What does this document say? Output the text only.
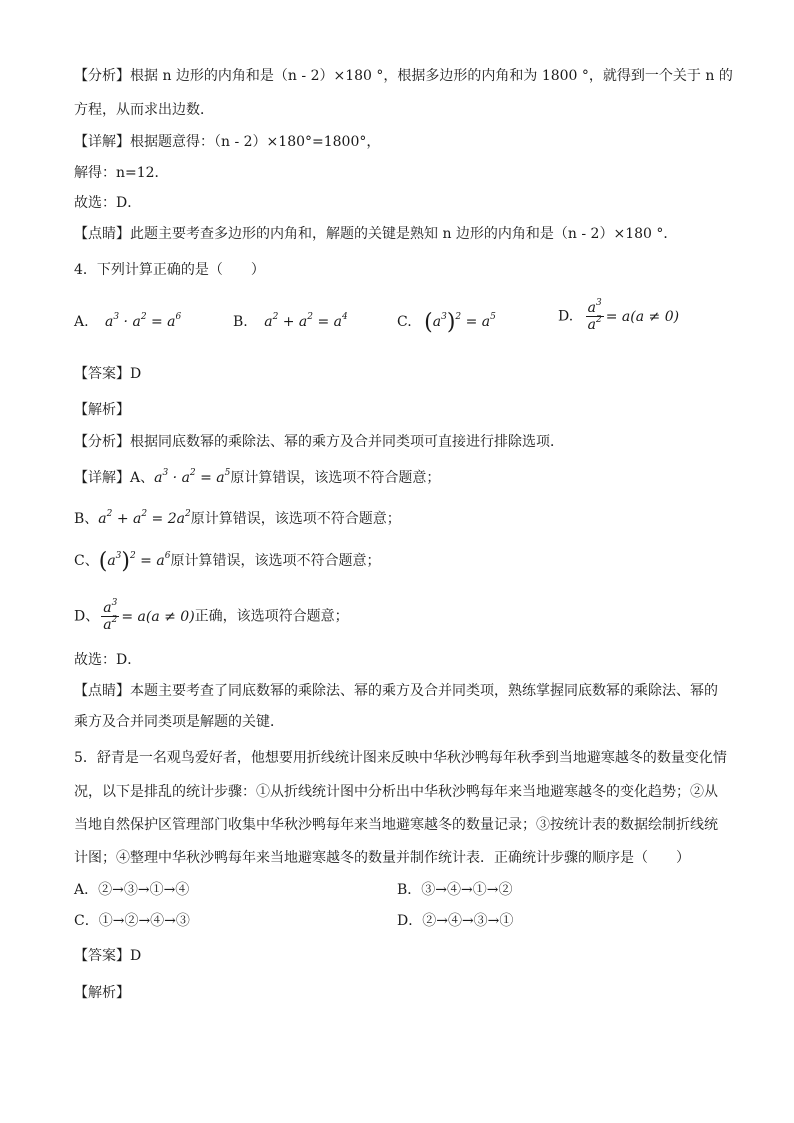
【分析】根据 n 边形的内角和是（n - 2）×180 °，根据多边形的内角和为 1800 °，就得到一个关于 n 的
方程，从而求出边数．
【详解】根据题意得：（n - 2）×180°=1800°，
解得：n=12．
故选：D．
【点睛】此题主要考查多边形的内角和，解题的关键是熟知 n 边形的内角和是（n - 2）×180 °．
4．下列计算正确的是（　　）
A. $a^3 \cdot a^2 = a^6$	B. $a^2 + a^2 = a^4$	C. $(a^3)^2 = a^5$	D. $\frac{a^3}{a^2} = a(a \ne 0)$
【答案】D
【解析】
【分析】根据同底数幂的乘除法、幂的乘方及合并同类项可直接进行排除选项．
【详解】A、$a^3 \cdot a^2 = a^5$原计算错误，该选项不符合题意；
B、$a^2 + a^2 = 2a^2$原计算错误，该选项不符合题意；
C、$(a^3)^2 = a^6$原计算错误，该选项不符合题意；
D、 $\frac{a^3}{a^2} = a(a \ne 0)$正确，该选项符合题意；
故选：D．
【点睛】本题主要考查了同底数幂的乘除法、幂的乘方及合并同类项，熟练掌握同底数幂的乘除法、幂的
乘方及合并同类项是解题的关键．
5．舒青是一名观鸟爱好者，他想要用折线统计图来反映中华秋沙鸭每年秋季到当地避寒越冬的数量变化情
况，以下是排乱的统计步骤：①从折线统计图中分析出中华秋沙鸭每年来当地避寒越冬的变化趋势；②从
当地自然保护区管理部门收集中华秋沙鸭每年来当地避寒越冬的数量记录；③按统计表的数据绘制折线统
计图；④整理中华秋沙鸭每年来当地避寒越冬的数量并制作统计表．正确统计步骤的顺序是（　　）
A．②→③→①→④	B．③→④→①→②
C．①→②→④→③	D．②→④→③→①
【答案】D
【解析】
